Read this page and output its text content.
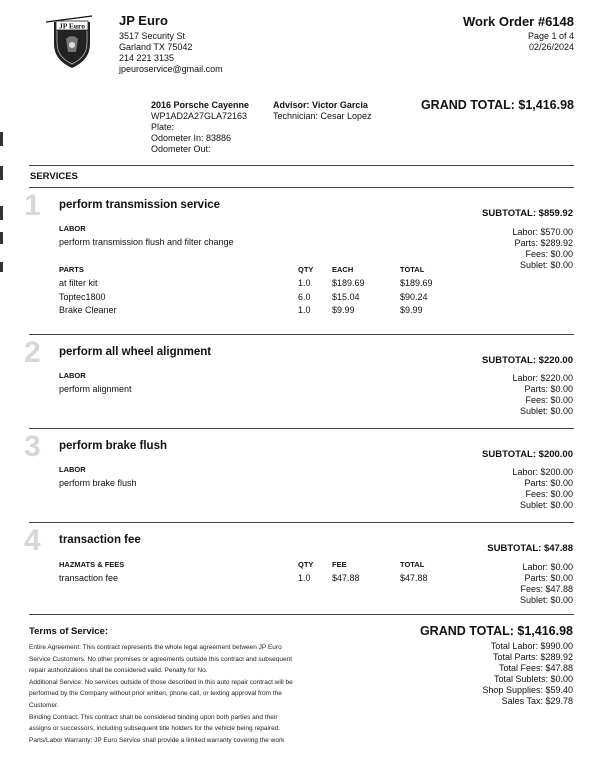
JP Euro	JP Euro
3517 Security St
Garland TX 75042
214 221 3135
jpeuroservice@gmail.com
Work Order #6148
Page 1 of 4
02/26/2024
2016 Porsche Cayenne
WP1AD2A27GLA72163
Plate:
Odometer In: 83886
Odometer Out:
Advisor: Victor Garcia
Technician: Cesar Lopez
GRAND TOTAL: $1,416.98
SERVICES
1 perform transmission service
SUBTOTAL: $859.92
LABOR
perform transmission flush and filter change
Labor: $570.00
Parts: $289.92
Fees: $0.00
Sublet: $0.00
PARTS	QTY EACH	TOTAL
at filter kit	1.0 $189.69	$189.69
Toptec1800	6.0 $15.04	$90.24
Brake Cleaner	1.0 $9.99	$9.99
2 perform all wheel alignment
SUBTOTAL: $220.00
LABOR
perform alignment
Labor: $220.00
Parts: $0.00
Fees: $0.00
Sublet: $0.00
3 perform brake flush
SUBTOTAL: $200.00
LABOR
perform brake flush
Labor: $200.00
Parts: $0.00
Fees: $0.00
Sublet: $0.00
4 transaction fee
SUBTOTAL: $47.88
HAZMATS & FEES	QTY FEE	TOTAL
transaction fee	1.0 $47.88	$47.88
Labor: $0.00
Parts: $0.00
Fees: $47.88
Sublet: $0.00
Terms of Service:
Entire Agreement: This contract represents the whole legal agreement between JP Euro
Service Customers. No other promises or agreements outside this contract and subsequent
repair authorizations shall be considered valid. Penalty for No.
Additional Service: No services outside of those described in this auto repair contract will be
performed by the Company without prior written, phone call, or texting approval from the
Customer.
Binding Contract: This contract shall be considered binding upon both parties and their
assigns or successors, including subsequent title holders for the vehicle being repaired.
Parts/Labor Warranty: JP Euro Service shall provide a limited warranty covering the work
GRAND TOTAL: $1,416.98
Total Labor: $990.00
Total Parts: $289.92
Total Fees: $47.88
Total Sublets: $0.00
Shop Supplies: $59.40
Sales Tax: $29.78
